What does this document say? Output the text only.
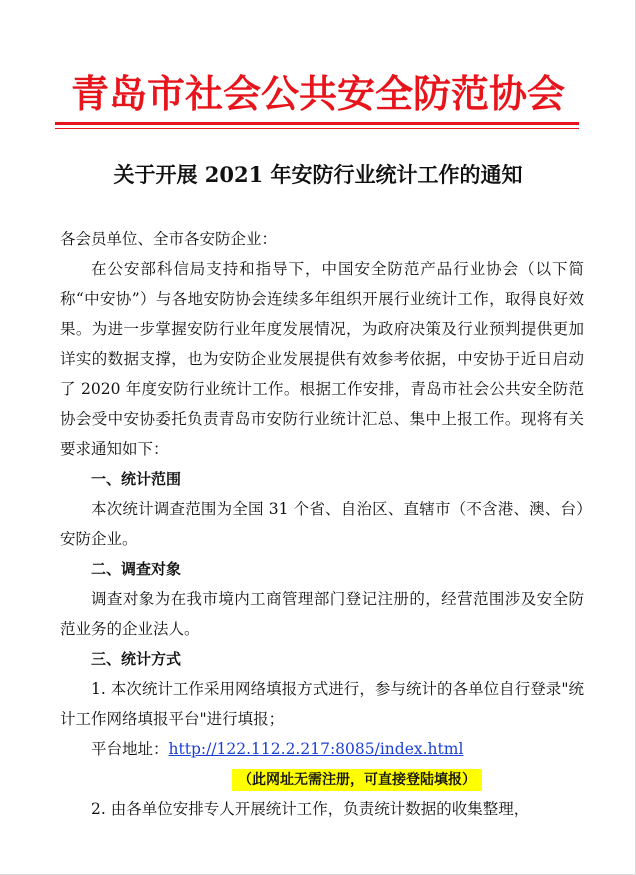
青岛市社会公共安全防范协会
关于开展 2021 年安防行业统计工作的通知

各会员单位、全市各安防企业：

在公安部科信局支持和指导下，中国安全防范产品行业协会（以下简称“中安协”）与各地安防协会连续多年组织开展行业统计工作，取得良好效果。为进一步掌握安防行业年度发展情况，为政府决策及行业预判提供更加详实的数据支撑，也为安防企业发展提供有效参考依据，中安协于近日启动了 2020 年度安防行业统计工作。根据工作安排，青岛市社会公共安全防范协会受中安协委托负责青岛市安防行业统计汇总、集中上报工作。现将有关要求通知如下：

一、统计范围

本次统计调查范围为全国 31 个省、自治区、直辖市（不含港、澳、台）安防企业。

二、调查对象

调查对象为在我市境内工商管理部门登记注册的，经营范围涉及安全防范业务的企业法人。

三、统计方式

1. 本次统计工作采用网络填报方式进行，参与统计的各单位自行登录"统计工作网络填报平台"进行填报；

平台地址：http://122.112.2.217:8085/index.html

（此网址无需注册，可直接登陆填报）

2. 由各单位安排专人开展统计工作，负责统计数据的收集整理，
